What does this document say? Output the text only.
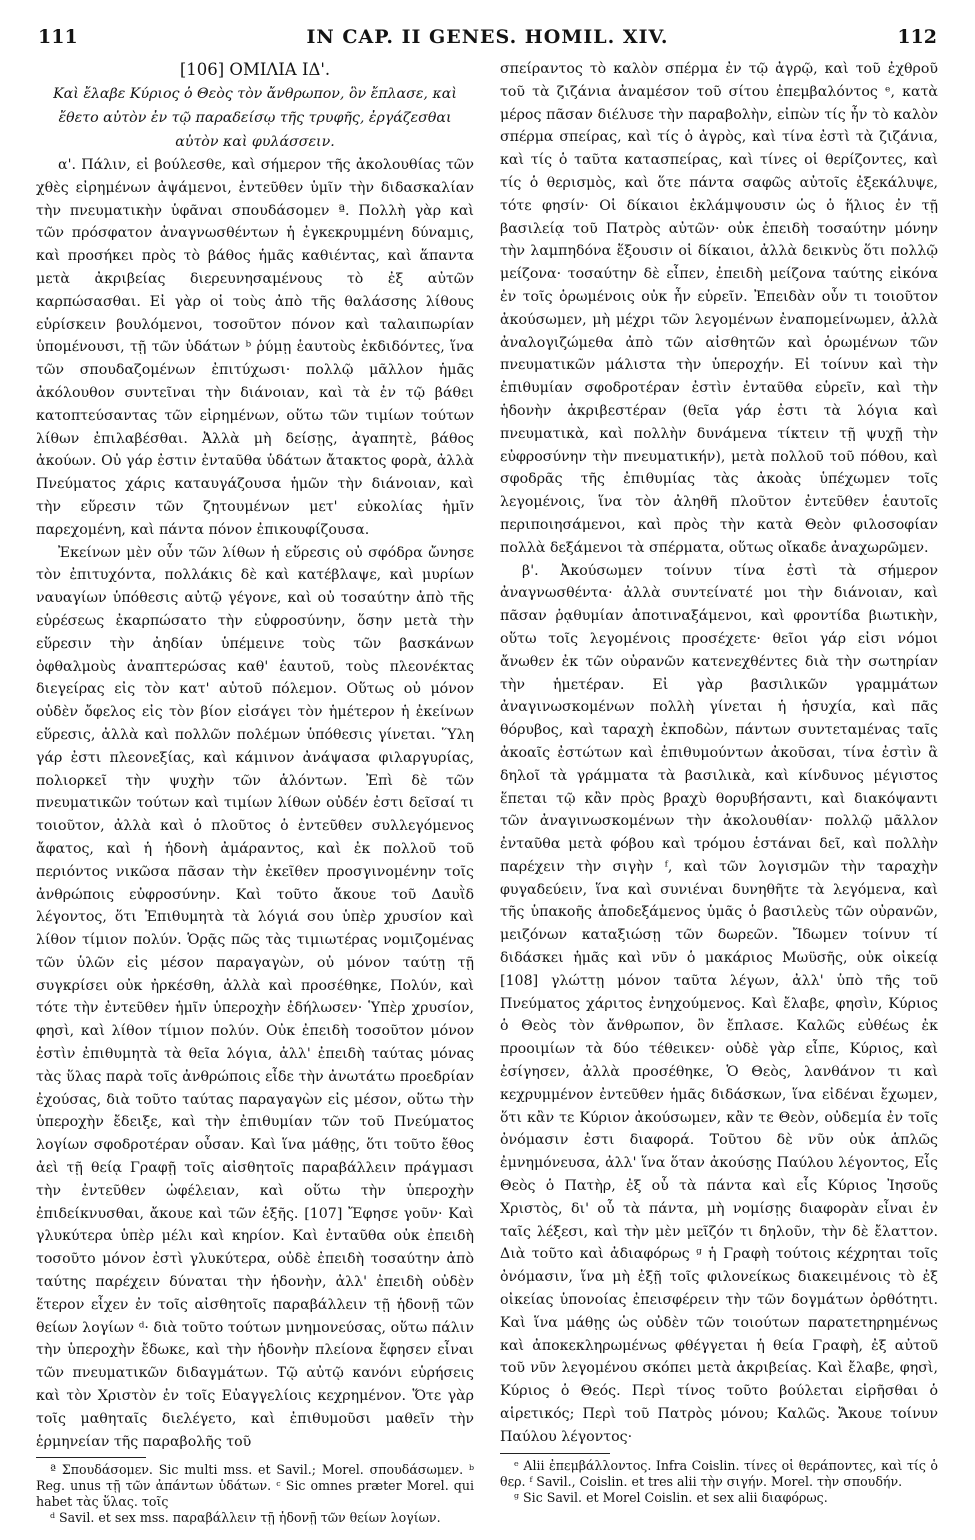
111	IN CAP. II GENES. HOMIL. XIV.	112
[106] ΟΜΙΛΙΑ ΙΔ'.
Καὶ ἔλαβε Κύριος ὁ Θεὸς τὸν ἄνθρωπον, ὃν ἔπλασε, καὶ ἔθετο αὐτὸν ἐν τῷ παραδείσῳ τῆς τρυφῆς, ἐργάζεσθαι αὐτὸν καὶ φυλάσσειν.

α'. Πάλιν, εἰ βούλεσθε, καὶ σήμερον τῆς ἀκολουθίας τῶν χθὲς εἰρημένων ἀψάμενοι, ἐντεῦθεν ὑμῖν τὴν διδασκαλίαν τὴν πνευματικὴν ὑφᾶναι σπουδάσομεν ª. Πολλὴ γὰρ καὶ τῶν πρόσφατον ἀναγνωσθέντων ἡ ἐγκεκρυμμένη δύναμις, καὶ προσήκει πρὸς τὸ βάθος ἡμᾶς καθιέντας, καὶ ἅπαντα μετὰ ἀκριβείας διερευνησαμένους τὸ ἐξ αὐτῶν καρπώσασθαι. Εἰ γὰρ οἱ τοὺς ἀπὸ τῆς θαλάσσης λίθους εὑρίσκειν βουλόμενοι, τοσοῦτον πόνον καὶ ταλαιπωρίαν ὑπομένουσι, τῇ τῶν ὑδάτων ᵇ ῥύμῃ ἑαυτοὺς ἐκδιδόντες, ἵνα τῶν σπουδαζομένων ἐπιτύχωσι· πολλῷ μᾶλλον ἡμᾶς ἀκόλουθον συντεῖναι τὴν διάνοιαν, καὶ τὰ ἐν τῷ βάθει κατοπτεύσαντας τῶν εἰρημένων, οὕτω τῶν τιμίων τούτων λίθων ἐπιλαβέσθαι. Ἀλλὰ μὴ δείσῃς, ἀγαπητὲ, βάθος ἀκούων. Οὐ γάρ ἐστιν ἐνταῦθα ὑδάτων ἄτακτος φορὰ, ἀλλὰ Πνεύματος χάρις καταυγάζουσα ἡμῶν τὴν διάνοιαν, καὶ τὴν εὕρεσιν τῶν ζητουμένων μετ' εὐκολίας ἡμῖν παρεχομένη, καὶ πάντα πόνον ἐπικουφίζουσα.

Ἐκείνων μὲν οὖν τῶν λίθων ἡ εὕρεσις οὐ σφόδρα ὤνησε τὸν ἐπιτυχόντα, πολλάκις δὲ καὶ κατέβλαψε, καὶ μυρίων ναυαγίων ὑπόθεσις αὐτῷ γέγονε, καὶ οὐ τοσαύτην ἀπὸ τῆς εὑρέσεως ἐκαρπώσατο τὴν εὐφροσύνην, ὅσην μετὰ τὴν εὕρεσιν τὴν ἀηδίαν ὑπέμεινε τοὺς τῶν βασκάνων ὀφθαλμοὺς ἀναπτερώσας καθ' ἑαυτοῦ, τοὺς πλεονέκτας διεγείρας εἰς τὸν κατ' αὐτοῦ πόλεμον. Οὕτως οὐ μόνον οὐδὲν ὄφελος εἰς τὸν βίον εἰσάγει τὸν ἡμέτερον ἡ ἐκείνων εὕρεσις, ἀλλὰ καὶ πολλῶν πολέμων ὑπόθεσις γίνεται. Ὕλη γάρ ἐστι πλεονεξίας, καὶ κάμινον ἀνάψασα φιλαργυρίας, πολιορκεῖ τὴν ψυχὴν τῶν ἁλόντων. Ἐπὶ δὲ τῶν πνευματικῶν τούτων καὶ τιμίων λίθων οὐδέν ἐστι δεῖσαί τι τοιοῦτον, ἀλλὰ καὶ ὁ πλοῦτος ὁ ἐντεῦθεν συλλεγόμενος ἄφατος, καὶ ἡ ἡδονὴ ἀμάραντος, καὶ ἐκ πολλοῦ τοῦ περιόντος νικῶσα πᾶσαν τὴν ἐκεῖθεν προσγινομένην τοῖς ἀνθρώποις εὐφροσύνην. Καὶ τοῦτο ἄκουε τοῦ Δαυῒδ λέγοντος, ὅτι Ἐπιθυμητὰ τὰ λόγιά σου ὑπὲρ χρυσίον καὶ λίθον τίμιον πολύν. Ὁρᾷς πῶς τὰς τιμιωτέρας νομιζομένας τῶν ὑλῶν εἰς μέσον παραγαγὼν, οὐ μόνον ταύτῃ τῇ συγκρίσει οὐκ ἠρκέσθη, ἀλλὰ καὶ προσέθηκε, Πολύν, καὶ τότε τὴν ἐντεῦθεν ἡμῖν ὑπεροχὴν ἐδήλωσεν· Ὑπὲρ χρυσίον, φησὶ, καὶ λίθον τίμιον πολύν. Οὐκ ἐπειδὴ τοσοῦτον μόνον ἐστὶν ἐπιθυμητὰ τὰ θεῖα λόγια, ἀλλ' ἐπειδὴ ταύτας μόνας τὰς ὕλας παρὰ τοῖς ἀνθρώποις εἶδε τὴν ἀνωτάτω προεδρίαν ἐχούσας, διὰ τοῦτο ταύτας παραγαγὼν εἰς μέσον, οὕτω τὴν ὑπεροχὴν ἔδειξε, καὶ τὴν ἐπιθυμίαν τῶν τοῦ Πνεύματος λογίων σφοδροτέραν οὖσαν. Καὶ ἵνα μάθῃς, ὅτι τοῦτο ἔθος ἀεὶ τῇ θείᾳ Γραφῇ τοῖς αἰσθητοῖς παραβάλλειν πράγμασι τὴν ἐντεῦθεν ὠφέλειαν, καὶ οὕτω τὴν ὑπεροχὴν ἐπιδείκνυσθαι, ἄκουε καὶ τῶν ἑξῆς. [107] Ἔφησε γοῦν· Καὶ γλυκύτερα ὑπὲρ μέλι καὶ κηρίον. Καὶ ἐνταῦθα οὐκ ἐπειδὴ τοσοῦτο μόνον ἐστὶ γλυκύτερα, οὐδὲ ἐπειδὴ τοσαύτην ἀπὸ ταύτης παρέχειν δύναται τὴν ἡδονὴν, ἀλλ' ἐπειδὴ οὐδὲν ἕτερον εἶχεν ἐν τοῖς αἰσθητοῖς παραβάλλειν τῇ ἡδονῇ τῶν θείων λογίων ᵈ· διὰ τοῦτο τούτων μνημονεύσας, οὕτω πάλιν τὴν ὑπεροχὴν ἔδωκε, καὶ τὴν ἡδονὴν πλείονα ἔφησεν εἶναι τῶν πνευματικῶν διδαγμάτων. Τῷ αὐτῷ κανόνι εὑρήσεις καὶ τὸν Χριστὸν ἐν τοῖς Εὐαγγελίοις κεχρημένον. Ὅτε γὰρ τοῖς μαθηταῖς διελέγετο, καὶ ἐπιθυμοῦσι μαθεῖν τὴν ἑρμηνείαν τῆς παραβολῆς τοῦ

ª Σπουδάσομεν. Sic multi mss. et Savil.; Morel. σπουδάσωμεν. ᵇ Reg. unus τῇ τῶν ἀπάντων ὑδάτων. ᶜ Sic omnes præter Morel. qui habet τὰς ὕλας. τοῖς
ᵈ Savil. et sex mss. παραβάλλειν τῇ ἡδονῇ τῶν θείων λογίων.

σπείραντος τὸ καλὸν σπέρμα ἐν τῷ ἀγρῷ, καὶ τοῦ ἐχθροῦ τοῦ τὰ ζιζάνια ἀναμέσον τοῦ σίτου ἐπεμβαλόντος ᵉ, κατὰ μέρος πᾶσαν διέλυσε τὴν παραβολὴν, εἰπὼν τίς ἦν τὸ καλὸν σπέρμα σπείρας, καὶ τίς ὁ ἀγρὸς, καὶ τίνα ἐστὶ τὰ ζιζάνια, καὶ τίς ὁ ταῦτα κατασπείρας, καὶ τίνες οἱ θερίζοντες, καὶ τίς ὁ θερισμὸς, καὶ ὅτε πάντα σαφῶς αὐτοῖς ἐξεκάλυψε, τότε φησίν· Οἱ δίκαιοι ἐκλάμψουσιν ὡς ὁ ἥλιος ἐν τῇ βασιλείᾳ τοῦ Πατρὸς αὐτῶν· οὐκ ἐπειδὴ τοσαύτην μόνην τὴν λαμπηδόνα ἕξουσιν οἱ δίκαιοι, ἀλλὰ δεικνὺς ὅτι πολλῷ μείζονα· τοσαύτην δὲ εἶπεν, ἐπειδὴ μείζονα ταύτης εἰκόνα ἐν τοῖς ὁρωμένοις οὐκ ἦν εὑρεῖν. Ἐπειδὰν οὖν τι τοιοῦτον ἀκούσωμεν, μὴ μέχρι τῶν λεγομένων ἐναπομείνωμεν, ἀλλὰ ἀναλογιζώμεθα ἀπὸ τῶν αἰσθητῶν καὶ ὁρωμένων τῶν πνευματικῶν μάλιστα τὴν ὑπεροχήν. Εἰ τοίνυν καὶ τὴν ἐπιθυμίαν σφοδροτέραν ἐστὶν ἐνταῦθα εὑρεῖν, καὶ τὴν ἡδονὴν ἀκριβεστέραν (θεῖα γάρ ἐστι τὰ λόγια καὶ πνευματικὰ, καὶ πολλὴν δυνάμενα τίκτειν τῇ ψυχῇ τὴν εὐφροσύνην τὴν πνευματικήν), μετὰ πολλοῦ τοῦ πόθου, καὶ σφοδρᾶς τῆς ἐπιθυμίας τὰς ἀκοὰς ὑπέχωμεν τοῖς λεγομένοις, ἵνα τὸν ἀληθῆ πλοῦτον ἐντεῦθεν ἑαυτοῖς περιποιησάμενοι, καὶ πρὸς τὴν κατὰ Θεὸν φιλοσοφίαν πολλὰ δεξάμενοι τὰ σπέρματα, οὕτως οἴκαδε ἀναχωρῶμεν.

β'. Ἀκούσωμεν τοίνυν τίνα ἐστὶ τὰ σήμερον ἀναγνωσθέντα· ἀλλὰ συντείνατέ μοι τὴν διάνοιαν, καὶ πᾶσαν ῥᾳθυμίαν ἀποτιναξάμενοι, καὶ φροντίδα βιωτικὴν, οὕτω τοῖς λεγομένοις προσέχετε· θεῖοι γάρ εἰσι νόμοι ἄνωθεν ἐκ τῶν οὐρανῶν κατενεχθέντες διὰ τὴν σωτηρίαν τὴν ἡμετέραν. Εἰ γὰρ βασιλικῶν γραμμάτων ἀναγινωσκομένων πολλὴ γίνεται ἡ ἡσυχία, καὶ πᾶς θόρυβος, καὶ ταραχὴ ἐκποδὼν, πάντων συντεταμένας ταῖς ἀκοαῖς ἐστώτων καὶ ἐπιθυμούντων ἀκοῦσαι, τίνα ἐστὶν ἃ δηλοῖ τὰ γράμματα τὰ βασιλικὰ, καὶ κίνδυνος μέγιστος ἕπεται τῷ κἂν πρὸς βραχὺ θορυβήσαντι, καὶ διακόψαντι τῶν ἀναγινωσκομένων τὴν ἀκολουθίαν· πολλῷ μᾶλλον ἐνταῦθα μετὰ φόβου καὶ τρόμου ἑστάναι δεῖ, καὶ πολλὴν παρέχειν τὴν σιγὴν ᶠ, καὶ τῶν λογισμῶν τὴν ταραχὴν φυγαδεύειν, ἵνα καὶ συνιέναι δυνηθῆτε τὰ λεγόμενα, καὶ τῆς ὑπακοῆς ἀποδεξάμενος ὑμᾶς ὁ βασιλεὺς τῶν οὐρανῶν, μειζόνων καταξιώσῃ τῶν δωρεῶν. Ἴδωμεν τοίνυν τί διδάσκει ἡμᾶς καὶ νῦν ὁ μακάριος Μωϋσῆς, οὐκ οἰκείᾳ [108] γλώττῃ μόνον ταῦτα λέγων, ἀλλ' ὑπὸ τῆς τοῦ Πνεύματος χάριτος ἐνηχούμενος. Καὶ ἔλαβε, φησὶν, Κύριος ὁ Θεὸς τὸν ἄνθρωπον, ὃν ἔπλασε. Καλῶς εὐθέως ἐκ προοιμίων τὰ δύο τέθεικεν· οὐδὲ γὰρ εἶπε, Κύριος, καὶ ἐσίγησεν, ἀλλὰ προσέθηκε, Ὁ Θεὸς, λανθάνον τι καὶ κεχρυμμένον ἐντεῦθεν ἡμᾶς διδάσκων, ἵνα εἰδέναι ἔχωμεν, ὅτι κἂν τε Κύριον ἀκούσωμεν, κἂν τε Θεὸν, οὐδεμία ἐν τοῖς ὀνόμασιν ἐστι διαφορά. Τοῦτου δὲ νῦν οὐκ ἁπλῶς ἐμνημόνευσα, ἀλλ' ἵνα ὅταν ἀκούσῃς Παύλου λέγοντος, Εἷς Θεὸς ὁ Πατὴρ, ἐξ οὗ τὰ πάντα καὶ εἷς Κύριος Ἰησοῦς Χριστὸς, δι' οὗ τὰ πάντα, μὴ νομίσῃς διαφορὰν εἶναι ἐν ταῖς λέξεσι, καὶ τὴν μὲν μεῖζόν τι δηλοῦν, τὴν δὲ ἔλαττον. Διὰ τοῦτο καὶ ἀδιαφόρως ᵍ ἡ Γραφὴ τούτοις κέχρηται τοῖς ὀνόμασιν, ἵνα μὴ ἐξῇ τοῖς φιλονείκως διακειμένοις τὸ ἐξ οἰκείας ὑπονοίας ἐπεισφέρειν τὴν τῶν δογμάτων ὀρθότητι. Καὶ ἵνα μάθῃς ὡς οὐδὲν τῶν τοιούτων παρατετηρημένως καὶ ἀποκεκληρωμένως φθέγγεται ἡ θεία Γραφὴ, ἐξ αὐτοῦ τοῦ νῦν λεγομένου σκόπει μετὰ ἀκριβείας. Καὶ ἔλαβε, φησὶ, Κύριος ὁ Θεός. Περὶ τίνος τοῦτο βούλεται εἰρῆσθαι ὁ αἱρετικός; Περὶ τοῦ Πατρὸς μόνου; Καλῶς. Ἄκουε τοίνυν Παύλου λέγοντος·

ᵉ Alii ἐπεμβάλλοντος. Infra Coislin. τίνες οἱ θεράποντες, καὶ τίς ὁ θερ. ᶠ Savil., Coislin. et tres alii τὴν σιγήν. Morel. τὴν σπουδήν.
ᵍ Sic Savil. et Morel Coislin. et sex alii διαφόρως.
